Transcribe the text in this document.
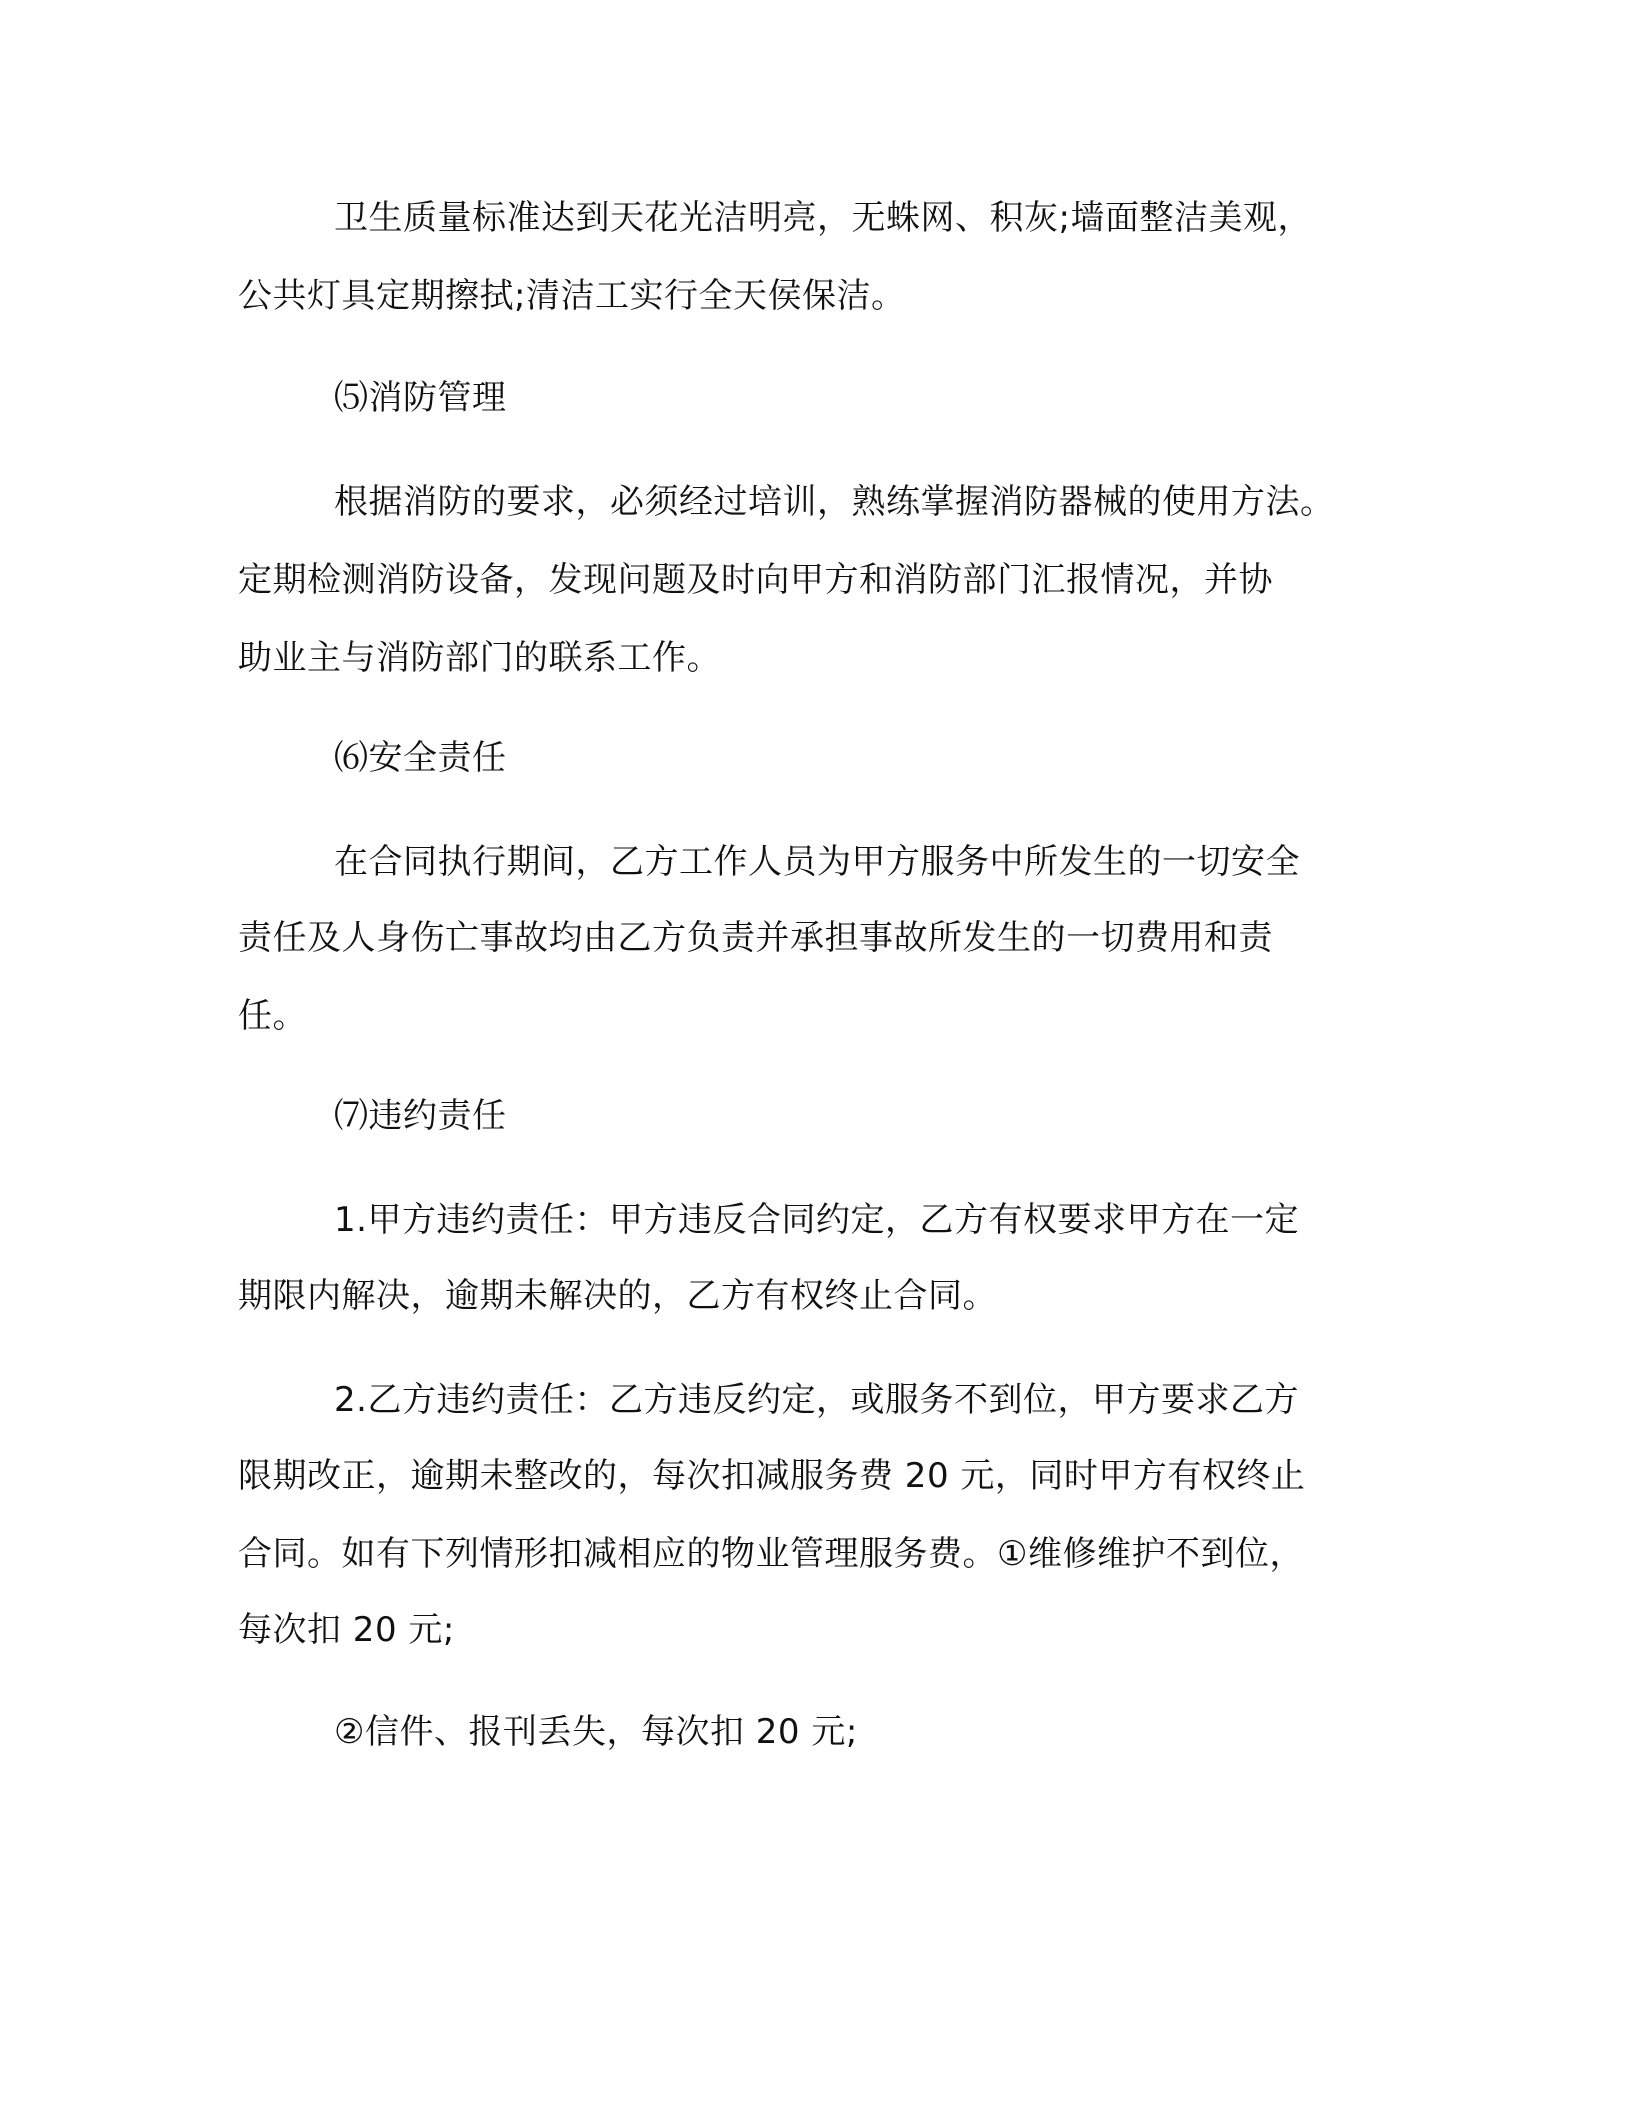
卫生质量标准达到天花光洁明亮，无蛛网、积灰;墙面整洁美观，
公共灯具定期擦拭;清洁工实行全天侯保洁。
⑸消防管理
根据消防的要求，必须经过培训，熟练掌握消防器械的使用方法。
定期检测消防设备，发现问题及时向甲方和消防部门汇报情况，并协
助业主与消防部门的联系工作。
⑹安全责任
在合同执行期间，乙方工作人员为甲方服务中所发生的一切安全
责任及人身伤亡事故均由乙方负责并承担事故所发生的一切费用和责
任。
⑺违约责任
1.甲方违约责任：甲方违反合同约定，乙方有权要求甲方在一定
期限内解决，逾期未解决的，乙方有权终止合同。
2.乙方违约责任：乙方违反约定，或服务不到位，甲方要求乙方
限期改正，逾期未整改的，每次扣减服务费 20 元，同时甲方有权终止
合同。如有下列情形扣减相应的物业管理服务费。①维修维护不到位，
每次扣 20 元;
②信件、报刊丢失，每次扣 20 元;
